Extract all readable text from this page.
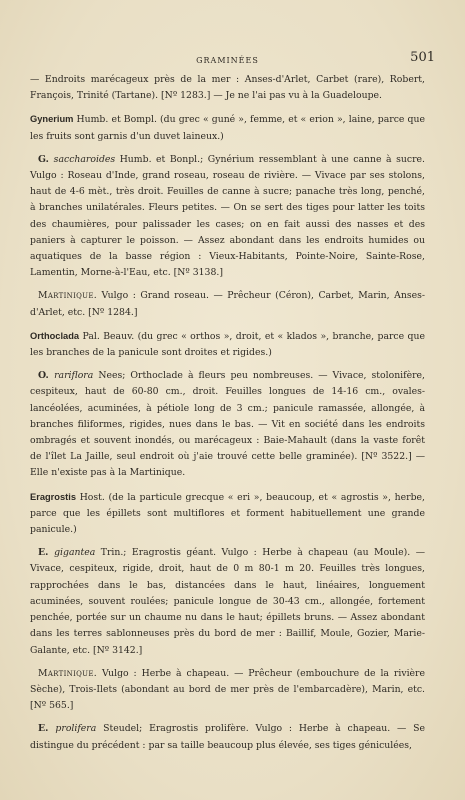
GRAMINÉES	501

— Endroits marécageux près de la mer : Anses-d'Arlet, Carbet (rare), Robert, François, Trinité (Tartane). [Nº 1283.] — Je ne l'ai pas vu à la Guadeloupe.

Gynerium Humb. et Bompl. (du grec « guné », femme, et « erion », laine, parce que les fruits sont garnis d'un duvet laineux.)

G. saccharoides Humb. et Bonpl.; Gynérium ressemblant à une canne à sucre. Vulgo : Roseau d'Inde, grand roseau, roseau de rivière. — Vivace par ses stolons, haut de 4-6 mèt., très droit. Feuilles de canne à sucre; panache très long, penché, à branches unilatérales. Fleurs petites. — On se sert des tiges pour latter les toits des chaumières, pour palissader les cases; on en fait aussi des nasses et des paniers à capturer le poisson. — Assez abondant dans les endroits humides ou aquatiques de la basse région : Vieux-Habitants, Pointe-Noire, Sainte-Rose, Lamentin, Morne-à-l'Eau, etc. [Nº 3138.]

Martinique. Vulgo : Grand roseau. — Prêcheur (Céron), Carbet, Marin, Anses-d'Arlet, etc. [Nº 1284.]

Orthoclada Pal. Beauv. (du grec « orthos », droit, et « klados », branche, parce que les branches de la panicule sont droites et rigides.)

O. rariflora Nees; Orthoclade à fleurs peu nombreuses. — Vivace, stolonifère, cespiteux, haut de 60-80 cm., droit. Feuilles longues de 14-16 cm., ovales-lancéolées, acuminées, à pétiole long de 3 cm.; panicule ramassée, allongée, à branches filiformes, rigides, nues dans le bas. — Vit en société dans les endroits ombragés et souvent inondés, ou marécageux : Baie-Mahault (dans la vaste forêt de l'îlet La Jaille, seul endroit où j'aie trouvé cette belle graminée). [Nº 3522.] — Elle n'existe pas à la Martinique.

Eragrostis Host. (de la particule grecque « eri », beaucoup, et « agrostis », herbe, parce que les épillets sont multiflores et forment habituellement une grande panicule.)

E. gigantea Trin.; Eragrostis géant. Vulgo : Herbe à chapeau (au Moule). — Vivace, cespiteux, rigide, droit, haut de 0 m 80-1 m 20. Feuilles très longues, rapprochées dans le bas, distancées dans le haut, linéaires, longuement acuminées, souvent roulées; panicule longue de 30-43 cm., allongée, fortement penchée, portée sur un chaume nu dans le haut; épillets bruns. — Assez abondant dans les terres sablonneuses près du bord de mer : Baillif, Moule, Gozier, Marie-Galante, etc. [Nº 3142.]

Martinique. Vulgo : Herbe à chapeau. — Prêcheur (embouchure de la rivière Sèche), Trois-Ilets (abondant au bord de mer près de l'embarcadère), Marin, etc. [Nº 565.]

E. prolifera Steudel; Eragrostis prolifère. Vulgo : Herbe à chapeau. — Se distingue du précédent : par sa taille beaucoup plus élevée, ses tiges géniculées,
